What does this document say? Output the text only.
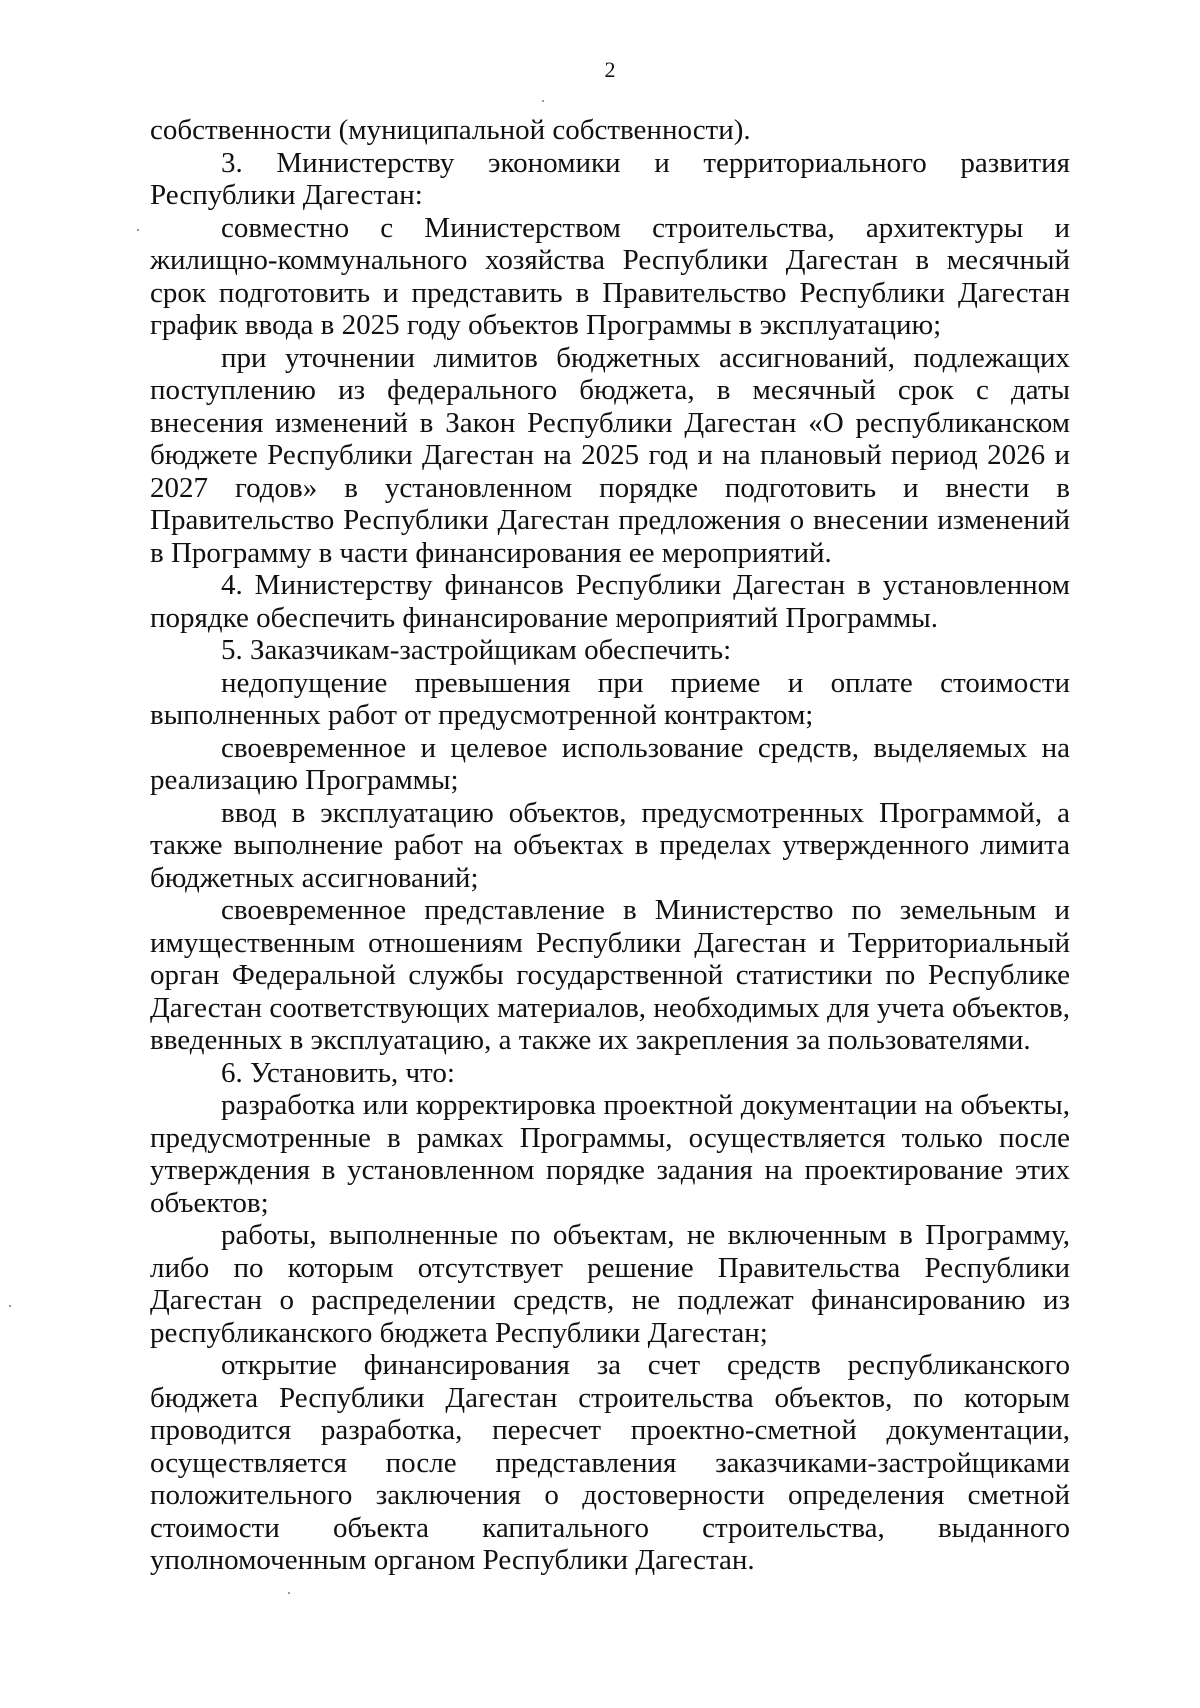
2

собственности (муниципальной собственности).

3. Министерству экономики и территориального развития Республики Дагестан:

совместно с Министерством строительства, архитектуры и жилищно-коммунального хозяйства Республики Дагестан в месячный срок подготовить и представить в Правительство Республики Дагестан график ввода в 2025 году объектов Программы в эксплуатацию;

при уточнении лимитов бюджетных ассигнований, подлежащих поступлению из федерального бюджета, в месячный срок с даты внесения изменений в Закон Республики Дагестан «О республиканском бюджете Республики Дагестан на 2025 год и на плановый период 2026 и 2027 годов» в установленном порядке подготовить и внести в Правительство Республики Дагестан предложения о внесении изменений в Программу в части финансирования ее мероприятий.

4. Министерству финансов Республики Дагестан в установленном порядке обеспечить финансирование мероприятий Программы.

5. Заказчикам-застройщикам обеспечить:

недопущение превышения при приеме и оплате стоимости выполненных работ от предусмотренной контрактом;

своевременное и целевое использование средств, выделяемых на реализацию Программы;

ввод в эксплуатацию объектов, предусмотренных Программой, а также выполнение работ на объектах в пределах утвержденного лимита бюджетных ассигнований;

своевременное представление в Министерство по земельным и имущественным отношениям Республики Дагестан и Территориальный орган Федеральной службы государственной статистики по Республике Дагестан соответствующих материалов, необходимых для учета объектов, введенных в эксплуатацию, а также их закрепления за пользователями.

6. Установить, что:

разработка или корректировка проектной документации на объекты, предусмотренные в рамках Программы, осуществляется только после утверждения в установленном порядке задания на проектирование этих объектов;

работы, выполненные по объектам, не включенным в Программу, либо по которым отсутствует решение Правительства Республики Дагестан о распределении средств, не подлежат финансированию из республиканского бюджета Республики Дагестан;

открытие финансирования за счет средств республиканского бюджета Республики Дагестан строительства объектов, по которым проводится разработка, пересчет проектно-сметной документации, осуществляется после представления заказчиками-застройщиками положительного заключения о достоверности определения сметной стоимости объекта капитального строительства, выданного уполномоченным органом Республики Дагестан.
